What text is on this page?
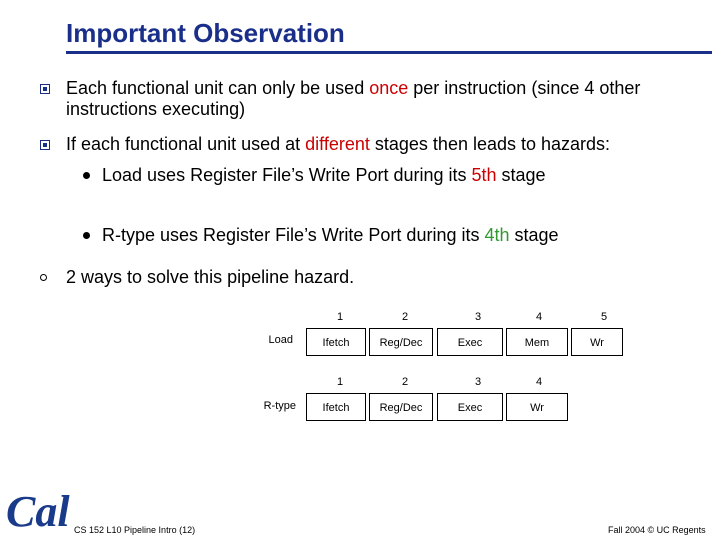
Important Observation
Each functional unit can only be used once per instruction (since 4 other instructions executing)
If each functional unit used at different stages then leads to hazards:
Load uses Register File’s Write Port during its 5th stage
R-type uses Register File’s Write Port during its 4th stage
2 ways to solve this pipeline hazard.
1	2	3	4	5
Load	Ifetch	Reg/Dec	Exec	Mem	Wr
1	2	3	4
R-type	Ifetch	Reg/Dec	Exec	Wr
Cal CS 152 L10 Pipeline Intro (12)	Fall 2004 © UC Regents
